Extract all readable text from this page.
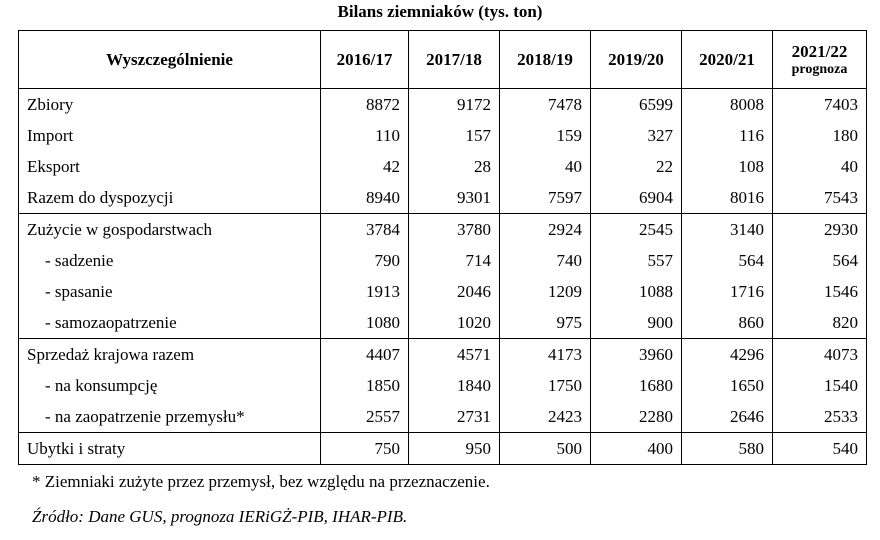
Bilans ziemniaków (tys. ton)
Wyszczególnienie	2016/17	2017/18	2018/19	2019/20	2020/21	2021/22
prognoza

Zbiory	8872	9172	7478	6599	8008	7403
Import	110	157	159	327	116	180
Eksport	42	28	40	22	108	40
Razem do dyspozycji	8940	9301	7597	6904	8016	7543
Zużycie w gospodarstwach	3784	3780	2924	2545	3140	2930
- sadzenie	790	714	740	557	564	564
- spasanie	1913	2046	1209	1088	1716	1546
- samozaopatrzenie	1080	1020	975	900	860	820
Sprzedaż krajowa razem	4407	4571	4173	3960	4296	4073
- na konsumpcję	1850	1840	1750	1680	1650	1540
- na zaopatrzenie przemysłu*	2557	2731	2423	2280	2646	2533
Ubytki i straty	750	950	500	400	580	540
* Ziemniaki zużyte przez przemysł, bez względu na przeznaczenie.
Źródło: Dane GUS, prognoza IERiGŻ-PIB, IHAR-PIB.
